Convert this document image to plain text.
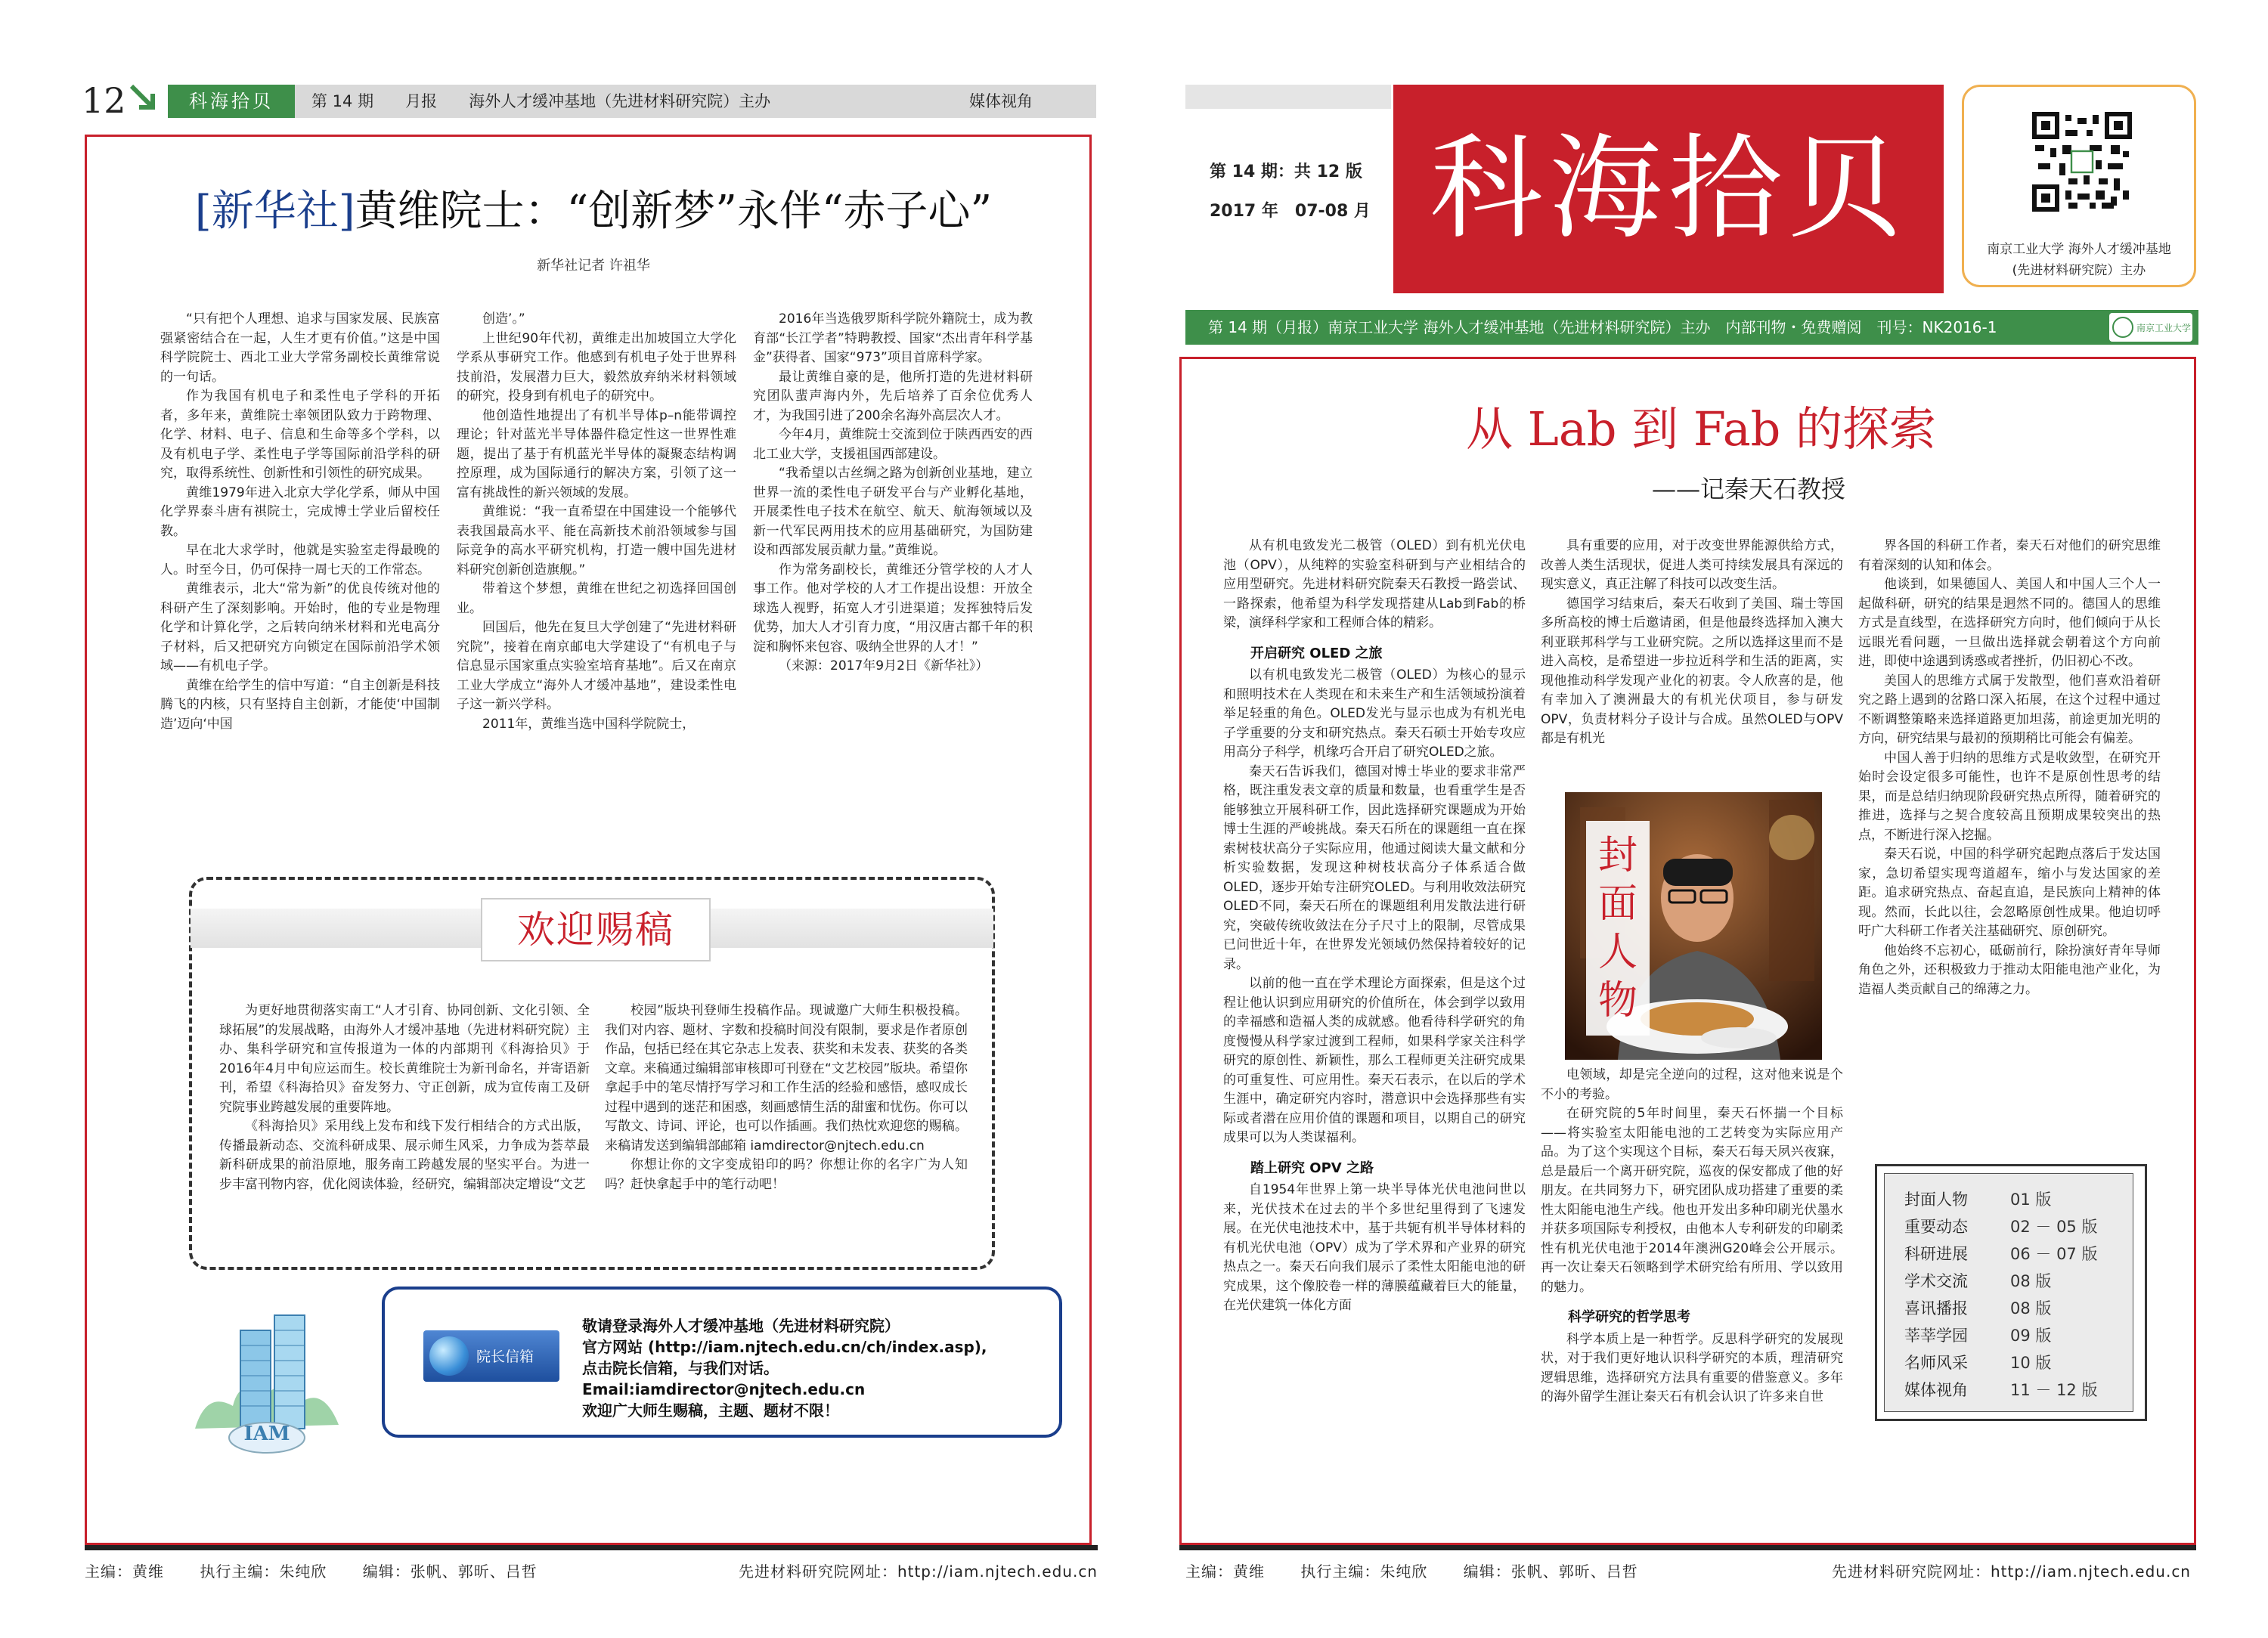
12	科海拾贝	第 14 期　　月报　　海外人才缓冲基地（先进材料研究院）主办	媒体视角
[新华社]黄维院士：“创新梦”永伴“赤子心”
新华社记者 许祖华

“只有把个人理想、追求与国家发展、民族富强紧密结合在一起，人生才更有价值。”这是中国科学院院士、西北工业大学常务副校长黄维常说的一句话。

作为我国有机电子和柔性电子学科的开拓者，多年来，黄维院士率领团队致力于跨物理、化学、材料、电子、信息和生命等多个学科，以及有机电子学、柔性电子学等国际前沿学科的研究，取得系统性、创新性和引领性的研究成果。

黄维1979年进入北京大学化学系，师从中国化学界泰斗唐有祺院士，完成博士学业后留校任教。

早在北大求学时，他就是实验室走得最晚的人。时至今日，仍可保持一周七天的工作常态。

黄维表示，北大“常为新”的优良传统对他的科研产生了深刻影响。开始时，他的专业是物理化学和计算化学，之后转向纳米材料和光电高分子材料，后又把研究方向锁定在国际前沿学术领域——有机电子学。

黄维在给学生的信中写道：“自主创新是科技腾飞的内核，只有坚持自主创新，才能使‘中国制造’迈向‘中国

创造’。”

上世纪90年代初，黄维走出加坡国立大学化学系从事研究工作。他感到有机电子处于世界科技前沿，发展潜力巨大，毅然放弃纳米材料领域的研究，投身到有机电子的研究中。

他创造性地提出了有机半导体p–n能带调控理论；针对蓝光半导体器件稳定性这一世界性难题，提出了基于有机蓝光半导体的凝聚态结构调控原理，成为国际通行的解决方案，引领了这一富有挑战性的新兴领域的发展。

黄维说：“我一直希望在中国建设一个能够代表我国最高水平、能在高新技术前沿领域参与国际竞争的高水平研究机构，打造一艘中国先进材料研究创新创造旗舰。”

带着这个梦想，黄维在世纪之初选择回国创业。

回国后，他先在复旦大学创建了“先进材料研究院”，接着在南京邮电大学建设了“有机电子与信息显示国家重点实验室培育基地”。后又在南京工业大学成立“海外人才缓冲基地”，建设柔性电子这一新兴学科。

2011年，黄维当选中国科学院院士，

2016年当选俄罗斯科学院外籍院士，成为教育部“长江学者”特聘教授、国家“杰出青年科学基金”获得者、国家“973”项目首席科学家。

最让黄维自豪的是，他所打造的先进材料研究团队蜚声海内外，先后培养了百余位优秀人才，为我国引进了200余名海外高层次人才。

今年4月，黄维院士交流到位于陕西西安的西北工业大学，支援祖国西部建设。

“我希望以古丝绸之路为创新创业基地，建立世界一流的柔性电子研发平台与产业孵化基地，开展柔性电子技术在航空、航天、航海领域以及新一代军民两用技术的应用基础研究，为国防建设和西部发展贡献力量。”黄维说。

作为常务副校长，黄维还分管学校的人才人事工作。他对学校的人才工作提出设想：开放全球选人视野，拓宽人才引进渠道；发挥独特后发优势，加大人才引育力度，“用汉唐古都千年的积淀和胸怀来包容、吸纳全世界的人才！”

（来源：2017年9月2日《新华社》）

欢迎赐稿

为更好地贯彻落实南工“人才引育、协同创新、文化引领、全球拓展”的发展战略，由海外人才缓冲基地（先进材料研究院）主办、集科学研究和宣传报道为一体的内部期刊《科海拾贝》于2016年4月中旬应运而生。校长黄维院士为新刊命名，并寄语新刊，希望《科海拾贝》奋发努力、守正创新，成为宣传南工及研究院事业跨越发展的重要阵地。

《科海拾贝》采用线上发布和线下发行相结合的方式出版，传播最新动态、交流科研成果、展示师生风采，力争成为荟萃最新科研成果的前沿原地，服务南工跨越发展的坚实平台。为进一步丰富刊物内容，优化阅读体验，经研究，编辑部决定增设“文艺

校园”版块刊登师生投稿作品。现诚邀广大师生积极投稿。我们对内容、题材、字数和投稿时间没有限制，要求是作者原创作品，包括已经在其它杂志上发表、获奖和未发表、获奖的各类文章。来稿通过编辑部审核即可刊登在“文艺校园”版块。希望你拿起手中的笔尽情抒写学习和工作生活的经验和感悟，感叹成长过程中遇到的迷茫和困惑，刻画感情生活的甜蜜和忧伤。你可以写散文、诗词、评论，也可以作插画。我们热忱欢迎您的赐稿。来稿请发送到编辑部邮箱 iamdirector@njtech.edu.cn

你想让你的文字变成铅印的吗？你想让你的名字广为人知吗？赶快拿起手中的笔行动吧！

IAM
院长信箱
敬请登录海外人才缓冲基地（先进材料研究院）
官方网站 (http://iam.njtech.edu.cn/ch/index.asp),
点击院长信箱，与我们对话。
Email:iamdirector@njtech.edu.cn
欢迎广大师生赐稿，主题、题材不限！
主编：黄维 执行主编：朱纯欣 编辑：张帆、郭昕、吕哲	先进材料研究院网址：http://iam.njtech.edu.cn
第 14 期：共 12 版
2017 年　07-08 月 科海拾贝	南京工业大学 海外人才缓冲基地
(先进材料研究院）主办
第 14 期（月报）南京工业大学 海外人才缓冲基地（先进材料研究院）主办　内部刊物・免费赠阅　刊号：NK2016-1	南京工业大学
从 Lab 到 Fab 的探索
——记秦天石教授

从有机电致发光二极管（OLED）到有机光伏电池（OPV），从纯粹的实验室科研到与产业相结合的应用型研究。先进材料研究院秦天石教授一路尝试、一路探索，他希望为科学发现搭建从Lab到Fab的桥梁，演绎科学家和工程师合体的精彩。

开启研究 OLED 之旅

以有机电致发光二极管（OLED）为核心的显示和照明技术在人类现在和未来生产和生活领域扮演着举足轻重的角色。OLED发光与显示也成为有机光电子学重要的分支和研究热点。秦天石硕士开始专攻应用高分子科学，机缘巧合开启了研究OLED之旅。

秦天石告诉我们，德国对博士毕业的要求非常严格，既注重发表文章的质量和数量，也看重学生是否能够独立开展科研工作，因此选择研究课题成为开始博士生涯的严峻挑战。秦天石所在的课题组一直在探索树枝状高分子实际应用，他通过阅读大量文献和分析实验数据，发现这种树枝状高分子体系适合做OLED，逐步开始专注研究OLED。与利用收效法研究OLED不同，秦天石所在的课题组利用发散法进行研究，突破传统收敛法在分子尺寸上的限制，尽管成果已问世近十年，在世界发光领域仍然保持着较好的记录。

以前的他一直在学术理论方面探索，但是这个过程让他认识到应用研究的价值所在，体会到学以致用的幸福感和造福人类的成就感。他看待科学研究的角度慢慢从科学家过渡到工程师，如果科学家关注科学研究的原创性、新颖性，那么工程师更关注研究成果的可重复性、可应用性。秦天石表示，在以后的学术生涯中，确定研究内容时，潜意识中会选择那些有实际或者潜在应用价值的课题和项目，以期自己的研究成果可以为人类谋福利。

踏上研究 OPV 之路

自1954年世界上第一块半导体光伏电池问世以来，光伏技术在过去的半个多世纪里得到了飞速发展。在光伏电池技术中，基于共轭有机半导体材料的有机光伏电池（OPV）成为了学术界和产业界的研究热点之一。秦天石向我们展示了柔性太阳能电池的研究成果，这个像胶卷一样的薄膜蕴藏着巨大的能量，在光伏建筑一体化方面

具有重要的应用，对于改变世界能源供给方式，改善人类生活现状，促进人类可持续发展具有深远的现实意义，真正注解了科技可以改变生活。

德国学习结束后，秦天石收到了美国、瑞士等国多所高校的博士后邀请函，但是他最终选择加入澳大利亚联邦科学与工业研究院。之所以选择这里而不是进入高校，是希望进一步拉近科学和生活的距离，实现他推动科学发现产业化的初衷。令人欣喜的是，他有幸加入了澳洲最大的有机光伏项目，参与研发OPV，负责材料分子设计与合成。虽然OLED与OPV都是有机光

封面人物

电领域，却是完全逆向的过程，这对他来说是个不小的考验。

在研究院的5年时间里，秦天石怀揣一个目标——将实验室太阳能电池的工艺转变为实际应用产品。为了这个实现这个目标，秦天石每天夙兴夜寐，总是最后一个离开研究院，巡夜的保安都成了他的好朋友。在共同努力下，研究团队成功搭建了重要的柔性太阳能电池生产线。他也开发出多种印刷光伏墨水并获多项国际专利授权，由他本人专利研发的印刷柔性有机光伏电池于2014年澳洲G20峰会公开展示。再一次让秦天石领略到学术研究给有所用、学以致用的魅力。

科学研究的哲学思考

科学本质上是一种哲学。反思科学研究的发展现状，对于我们更好地认识科学研究的本质，理清研究逻辑思维，选择研究方法具有重要的借鉴意义。多年的海外留学生涯让秦天石有机会认识了许多来自世

界各国的科研工作者，秦天石对他们的研究思维有着深刻的认知和体会。

他谈到，如果德国人、美国人和中国人三个人一起做科研，研究的结果是迥然不同的。德国人的思维方式是直线型，在选择研究方向时，他们倾向于从长远眼光看问题，一旦做出选择就会朝着这个方向前进，即使中途遇到诱惑或者挫折，仍旧初心不改。

美国人的思维方式属于发散型，他们喜欢沿着研究之路上遇到的岔路口深入拓展，在这个过程中通过不断调整策略来选择道路更加坦荡，前途更加光明的方向，研究结果与最初的预期稍比可能会有偏差。

中国人善于归纳的思维方式是收敛型，在研究开始时会设定很多可能性，也许不是原创性思考的结果，而是总结归纳现阶段研究热点所得，随着研究的推进，选择与之契合度较高且预期成果较突出的热点，不断进行深入挖掘。

秦天石说，中国的科学研究起跑点落后于发达国家，急切希望实现弯道超车，缩小与发达国家的差距。追求研究热点、奋起直追，是民族向上精神的体现。然而，长此以往，会忽略原创性成果。他迫切呼吁广大科研工作者关注基础研究、原创研究。

他始终不忘初心，砥砺前行，除扮演好青年导师角色之外，还积极致力于推动太阳能电池产业化，为造福人类贡献自己的绵薄之力。

封面人物	01 版
重要动态	02 － 05 版
科研进展	06 － 07 版
学术交流	08 版
喜讯播报	08 版
莘莘学园	09 版
名师风采	10 版
媒体视角	11 － 12 版
主编：黄维 执行主编：朱纯欣 编辑：张帆、郭昕、吕哲	先进材料研究院网址：http://iam.njtech.edu.cn
